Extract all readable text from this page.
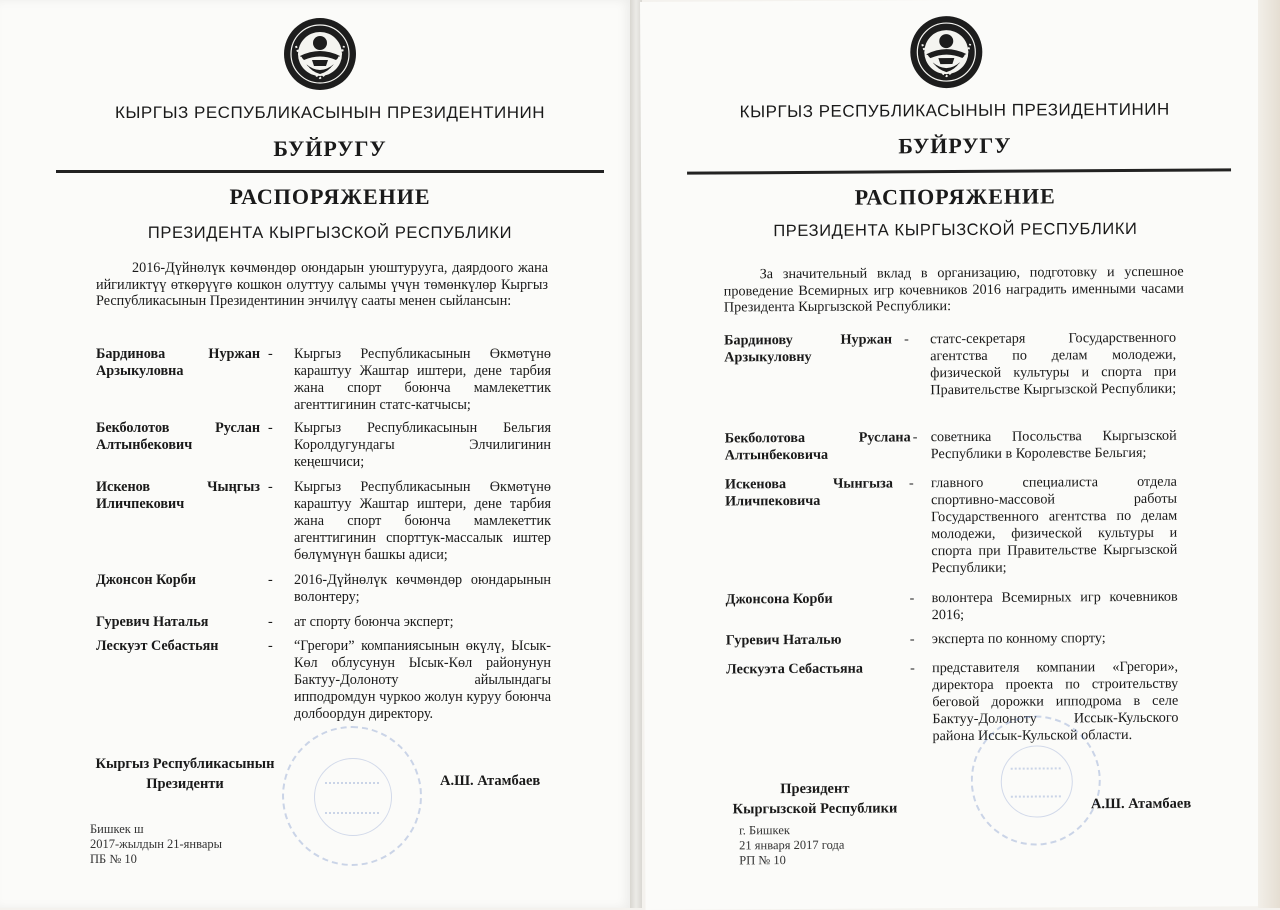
КЫРГЫЗ РЕСПУБЛИКАСЫНЫН ПРЕЗИДЕНТИНИН
БУЙРУГУ
РАСПОРЯЖЕНИЕ
ПРЕЗИДЕНТА КЫРГЫЗСКОЙ РЕСПУБЛИКИ
2016-Дүйнөлүк көчмөндөр оюндарын уюштурууга, даярдоого жана ийгиликтүү өткөрүүгө кошкон олуттуу салымы үчүн төмөнкүлөр Кыргыз Республикасынын Президентинин энчилүү сааты менен сыйлансын:
Бардинова Нуржан Арзыкуловна
- Кыргыз Республикасынын Өкмөтүнө караштуу Жаштар иштери, дене тарбия жана спорт боюнча мамлекеттик агенттигинин статс-катчысы;
Бекболотов Руслан Алтынбекович
- Кыргыз Республикасынын Бельгия Королдугундагы Элчилигинин кеңешчиси;
Искенов Чыңгыз Иличпекович
- Кыргыз Республикасынын Өкмөтүнө караштуу Жаштар иштери, дене тарбия жана спорт боюнча мамлекеттик агенттигинин спорттук-массалык иштер бөлүмүнүн башкы адиси;
Джонсон Корби	- 2016-Дүйнөлүк көчмөндөр оюндарынын волонтеру;
Гуревич Наталья	- ат спорту боюнча эксперт;
Лескуэт Себастьян	- “Грегори” компаниясынын өкүлү, Ысык-Көл облусунун Ысык-Көл районунун Бактуу-Долоноту айылындагы ипподромдун чуркоо жолун куруу боюнча долбоордун директору.
Кыргыз Республикасынын
Президенти	А.Ш. Атамбаев
Бишкек ш
2017-жылдын 21-январы
ПБ № 10
КЫРГЫЗ РЕСПУБЛИКАСЫНЫН ПРЕЗИДЕНТИНИН
БУЙРУГУ
РАСПОРЯЖЕНИЕ
ПРЕЗИДЕНТА КЫРГЫЗСКОЙ РЕСПУБЛИКИ
За значительный вклад в организацию, подготовку и успешное проведение Всемирных игр кочевников 2016 наградить именными часами Президента Кыргызской Республики:
Бардинову Нуржан Арзыкуловну
- статс-секретаря Государственного агентства по делам молодежи, физической культуры и спорта при Правительстве Кыргызской Республики;
Бекболотова Руслана Алтынбековича
- советника Посольства Кыргызской Республики в Королевстве Бельгия;
Искенова Чынгыза Иличпековича
- главного специалиста отдела спортивно-массовой работы Государственного агентства по делам молодежи, физической культуры и спорта при Правительстве Кыргызской Республики;
Джонсона Корби	- волонтера Всемирных игр кочевников 2016;
Гуревич Наталью	- эксперта по конному спорту;
Лескуэта Себастьяна	- представителя компании «Грегори», директора проекта по строительству беговой дорожки ипподрома в селе Бактуу-Долоноту Иссык-Кульского района Иссык-Кульской области.
Президент
Кыргызской Республики	А.Ш. Атамбаев
г. Бишкек
21 января 2017 года
РП № 10
